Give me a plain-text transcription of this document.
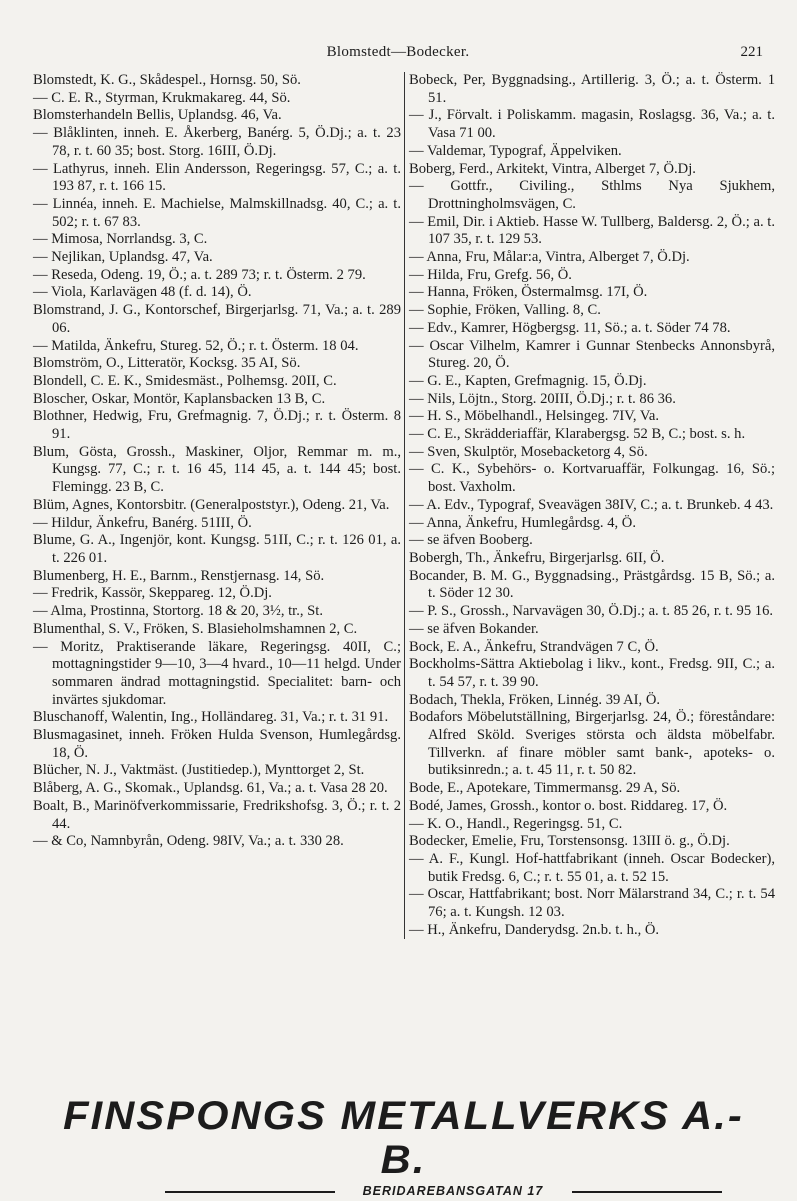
Blomstedt—Bodecker.	221

Blomstedt, K. G., Skådespel., Hornsg. 50, Sö.

— C. E. R., Styrman, Krukmakareg. 44, Sö.

Blomsterhandeln Bellis, Uplandsg. 46, Va.

— Blåklinten, inneh. E. Åkerberg, Banérg. 5, Ö.Dj.; a. t. 23 78, r. t. 60 35; bost. Storg. 16III, Ö.Dj.

— Lathyrus, inneh. Elin Andersson, Regeringsg. 57, C.; a. t. 193 87, r. t. 166 15.

— Linnéa, inneh. E. Machielse, Malmskillnadsg. 40, C.; a. t. 502; r. t. 67 83.

— Mimosa, Norrlandsg. 3, C.

— Nejlikan, Uplandsg. 47, Va.

— Reseda, Odeng. 19, Ö.; a. t. 289 73; r. t. Österm. 2 79.

— Viola, Karlavägen 48 (f. d. 14), Ö.

Blomstrand, J. G., Kontorschef, Birgerjarlsg. 71, Va.; a. t. 289 06.

— Matilda, Änkefru, Stureg. 52, Ö.; r. t. Österm. 18 04.

Blomström, O., Litteratör, Kocksg. 35 AI, Sö.

Blondell, C. E. K., Smidesmäst., Polhemsg. 20II, C.

Bloscher, Oskar, Montör, Kaplansbacken 13 B, C.

Blothner, Hedwig, Fru, Grefmagnig. 7, Ö.Dj.; r. t. Österm. 8 91.

Blum, Gösta, Grossh., Maskiner, Oljor, Remmar m. m., Kungsg. 77, C.; r. t. 16 45, 114 45, a. t. 144 45; bost. Flemingg. 23 B, C.

Blüm, Agnes, Kontorsbitr. (Generalpoststyr.), Odeng. 21, Va.

— Hildur, Änkefru, Banérg. 51III, Ö.

Blume, G. A., Ingenjör, kont. Kungsg. 51II, C.; r. t. 126 01, a. t. 226 01.

Blumenberg, H. E., Barnm., Renstjernasg. 14, Sö.

— Fredrik, Kassör, Skeppareg. 12, Ö.Dj.

— Alma, Prostinna, Stortorg. 18 & 20, 3½, tr., St.

Blumenthal, S. V., Fröken, S. Blasieholmshamnen 2, C.

— Moritz, Praktiserande läkare, Regeringsg. 40II, C.; mottagningstider 9—10, 3—4 hvard., 10—11 helgd. Under sommaren ändrad mottagningstid. Specialitet: barn- och invärtes sjukdomar.

Bluschanoff, Walentin, Ing., Holländareg. 31, Va.; r. t. 31 91.

Blusmagasinet, inneh. Fröken Hulda Svenson, Humlegårdsg. 18, Ö.

Blücher, N. J., Vaktmäst. (Justitiedep.), Mynttorget 2, St.

Blåberg, A. G., Skomak., Uplandsg. 61, Va.; a. t. Vasa 28 20.

Boalt, B., Marinöfverkommissarie, Fredrikshofsg. 3, Ö.; r. t. 2 44.

— & Co, Namnbyrån, Odeng. 98IV, Va.; a. t. 330 28.

Bobeck, Per, Byggnadsing., Artillerig. 3, Ö.; a. t. Österm. 1 51.

— J., Förvalt. i Poliskamm. magasin, Roslagsg. 36, Va.; a. t. Vasa 71 00.

— Valdemar, Typograf, Äppelviken.

Boberg, Ferd., Arkitekt, Vintra, Alberget 7, Ö.Dj.

— Gottfr., Civiling., Sthlms Nya Sjukhem, Drottningholmsvägen, C.

— Emil, Dir. i Aktieb. Hasse W. Tullberg, Baldersg. 2, Ö.; a. t. 107 35, r. t. 129 53.

— Anna, Fru, Målar:a, Vintra, Alberget 7, Ö.Dj.

— Hilda, Fru, Grefg. 56, Ö.

— Hanna, Fröken, Östermalmsg. 17I, Ö.

— Sophie, Fröken, Valling. 8, C.

— Edv., Kamrer, Högbergsg. 11, Sö.; a. t. Söder 74 78.

— Oscar Vilhelm, Kamrer i Gunnar Stenbecks Annonsbyrå, Stureg. 20, Ö.

— G. E., Kapten, Grefmagnig. 15, Ö.Dj.

— Nils, Löjtn., Storg. 20III, Ö.Dj.; r. t. 86 36.

— H. S., Möbelhandl., Helsingeg. 7IV, Va.

— C. E., Skrädderiaffär, Klarabergsg. 52 B, C.; bost. s. h.

— Sven, Skulptör, Mosebacketorg 4, Sö.

— C. K., Sybehörs- o. Kortvaruaffär, Folkungag. 16, Sö.; bost. Vaxholm.

— A. Edv., Typograf, Sveavägen 38IV, C.; a. t. Brunkeb. 4 43.

— Anna, Änkefru, Humlegårdsg. 4, Ö.

— se äfven Booberg.

Bobergh, Th., Änkefru, Birgerjarlsg. 6II, Ö.

Bocander, B. M. G., Byggnadsing., Prästgårdsg. 15 B, Sö.; a. t. Söder 12 30.

— P. S., Grossh., Narvavägen 30, Ö.Dj.; a. t. 85 26, r. t. 95 16.

— se äfven Bokander.

Bock, E. A., Änkefru, Strandvägen 7 C, Ö.

Bockholms-Sättra Aktiebolag i likv., kont., Fredsg. 9II, C.; a. t. 54 57, r. t. 39 90.

Bodach, Thekla, Fröken, Linnég. 39 AI, Ö.

Bodafors Möbelutställning, Birgerjarlsg. 24, Ö.; föreståndare: Alfred Sköld. Sveriges största och äldsta möbelfabr. Tillverkn. af finare möbler samt bank-, apoteks- o. butiksinredn.; a. t. 45 11, r. t. 50 82.

Bode, E., Apotekare, Timmermansg. 29 A, Sö.

Bodé, James, Grossh., kontor o. bost. Riddareg. 17, Ö.

— K. O., Handl., Regeringsg. 51, C.

Bodecker, Emelie, Fru, Torstensonsg. 13III ö. g., Ö.Dj.

— A. F., Kungl. Hof-hattfabrikant (inneh. Oscar Bodecker), butik Fredsg. 6, C.; r. t. 55 01, a. t. 52 15.

— Oscar, Hattfabrikant; bost. Norr Mälarstrand 34, C.; r. t. 54 76; a. t. Kungsh. 12 03.

— H., Änkefru, Danderydsg. 2n.b. t. h., Ö.

FINSPONGS METALLVERKS A.-B.
BERIDAREBANSGATAN 17
